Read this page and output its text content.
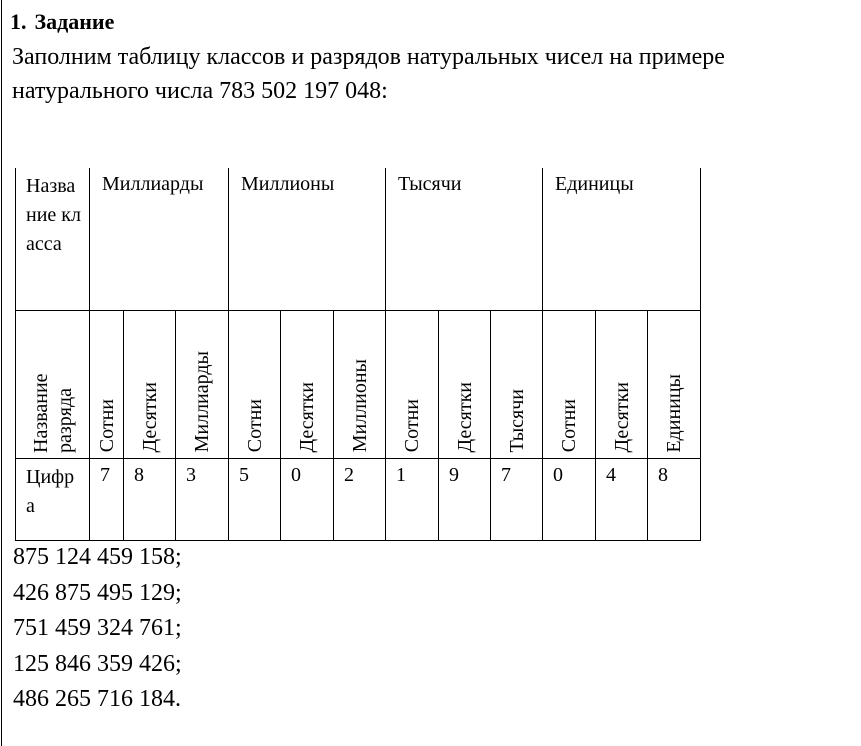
1. Задание
Заполним таблицу классов и разрядов натуральных чисел на примере
натурального числа 783 502 197 048:
Название класса	Миллиарды			Миллионы			Тысячи			Единицы		

Название разряда	Сотни	Десятки	Миллиарды	Сотни	Десятки	Миллионы	Сотни	Десятки	Тысячи	Сотни	Десятки	Единицы

Цифра	7	8	3	5	0	2	1	9	7	0	4	8
875 124 459 158;
426 875 495 129;
751 459 324 761;
125 846 359 426;
486 265 716 184.
